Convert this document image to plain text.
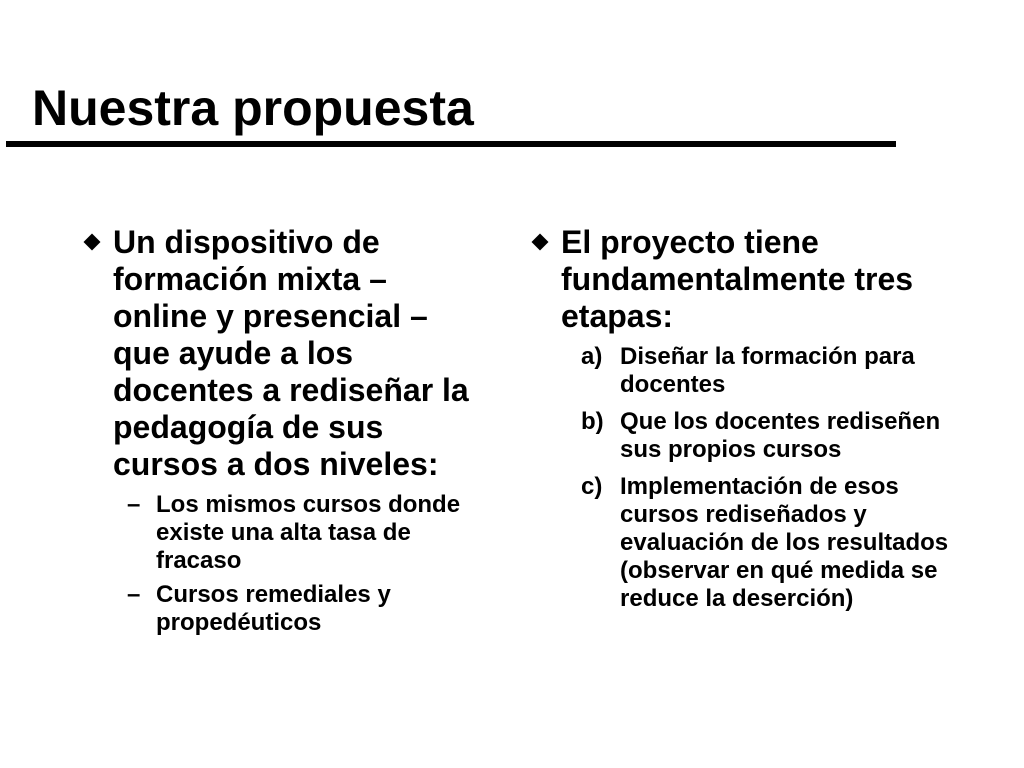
Nuestra propuesta
Un dispositivo de formación mixta – online y presencial – que ayude a los docentes a rediseñar la pedagogía de sus cursos a dos niveles:
– Los mismos cursos donde existe una alta tasa de fracaso
– Cursos remediales y propedéuticos
El proyecto tiene fundamentalmente tres etapas:
a) Diseñar la formación para docentes
b) Que los docentes rediseñen sus propios cursos
c) Implementación de esos cursos rediseñados y evaluación de los resultados (observar en qué medida se reduce la deserción)
